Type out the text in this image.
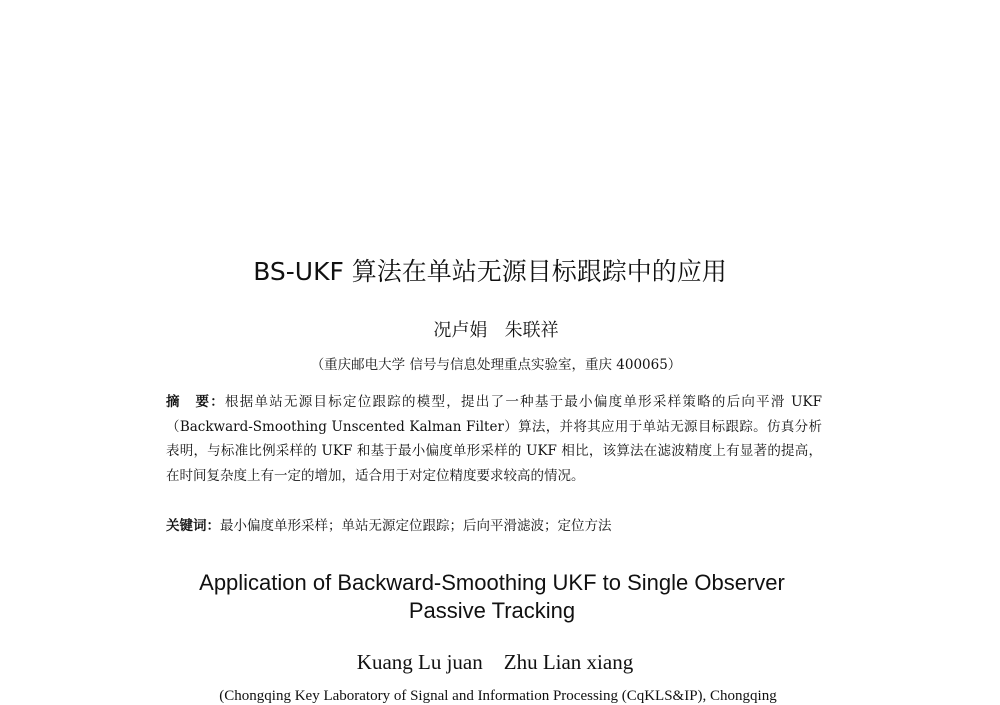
BS-UKF 算法在单站无源目标跟踪中的应用
况卢娟   朱联祥
（重庆邮电大学 信号与信息处理重点实验室，重庆 400065）
摘　要：根据单站无源目标定位跟踪的模型，提出了一种基于最小偏度单形采样策略的后向平滑 UKF（Backward-Smoothing Unscented Kalman Filter）算法，并将其应用于单站无源目标跟踪。仿真分析表明，与标准比例采样的 UKF 和基于最小偏度单形采样的 UKF 相比，该算法在滤波精度上有显著的提高，在时间复杂度上有一定的增加，适合用于对定位精度要求较高的情况。
关键词：最小偏度单形采样；单站无源定位跟踪；后向平滑滤波；定位方法
Application of Backward-Smoothing UKF to Single Observer
Passive Tracking
Kuang Lu juan    Zhu Lian xiang
(Chongqing Key Laboratory of Signal and Information Processing (CqKLS&IP), Chongqing
